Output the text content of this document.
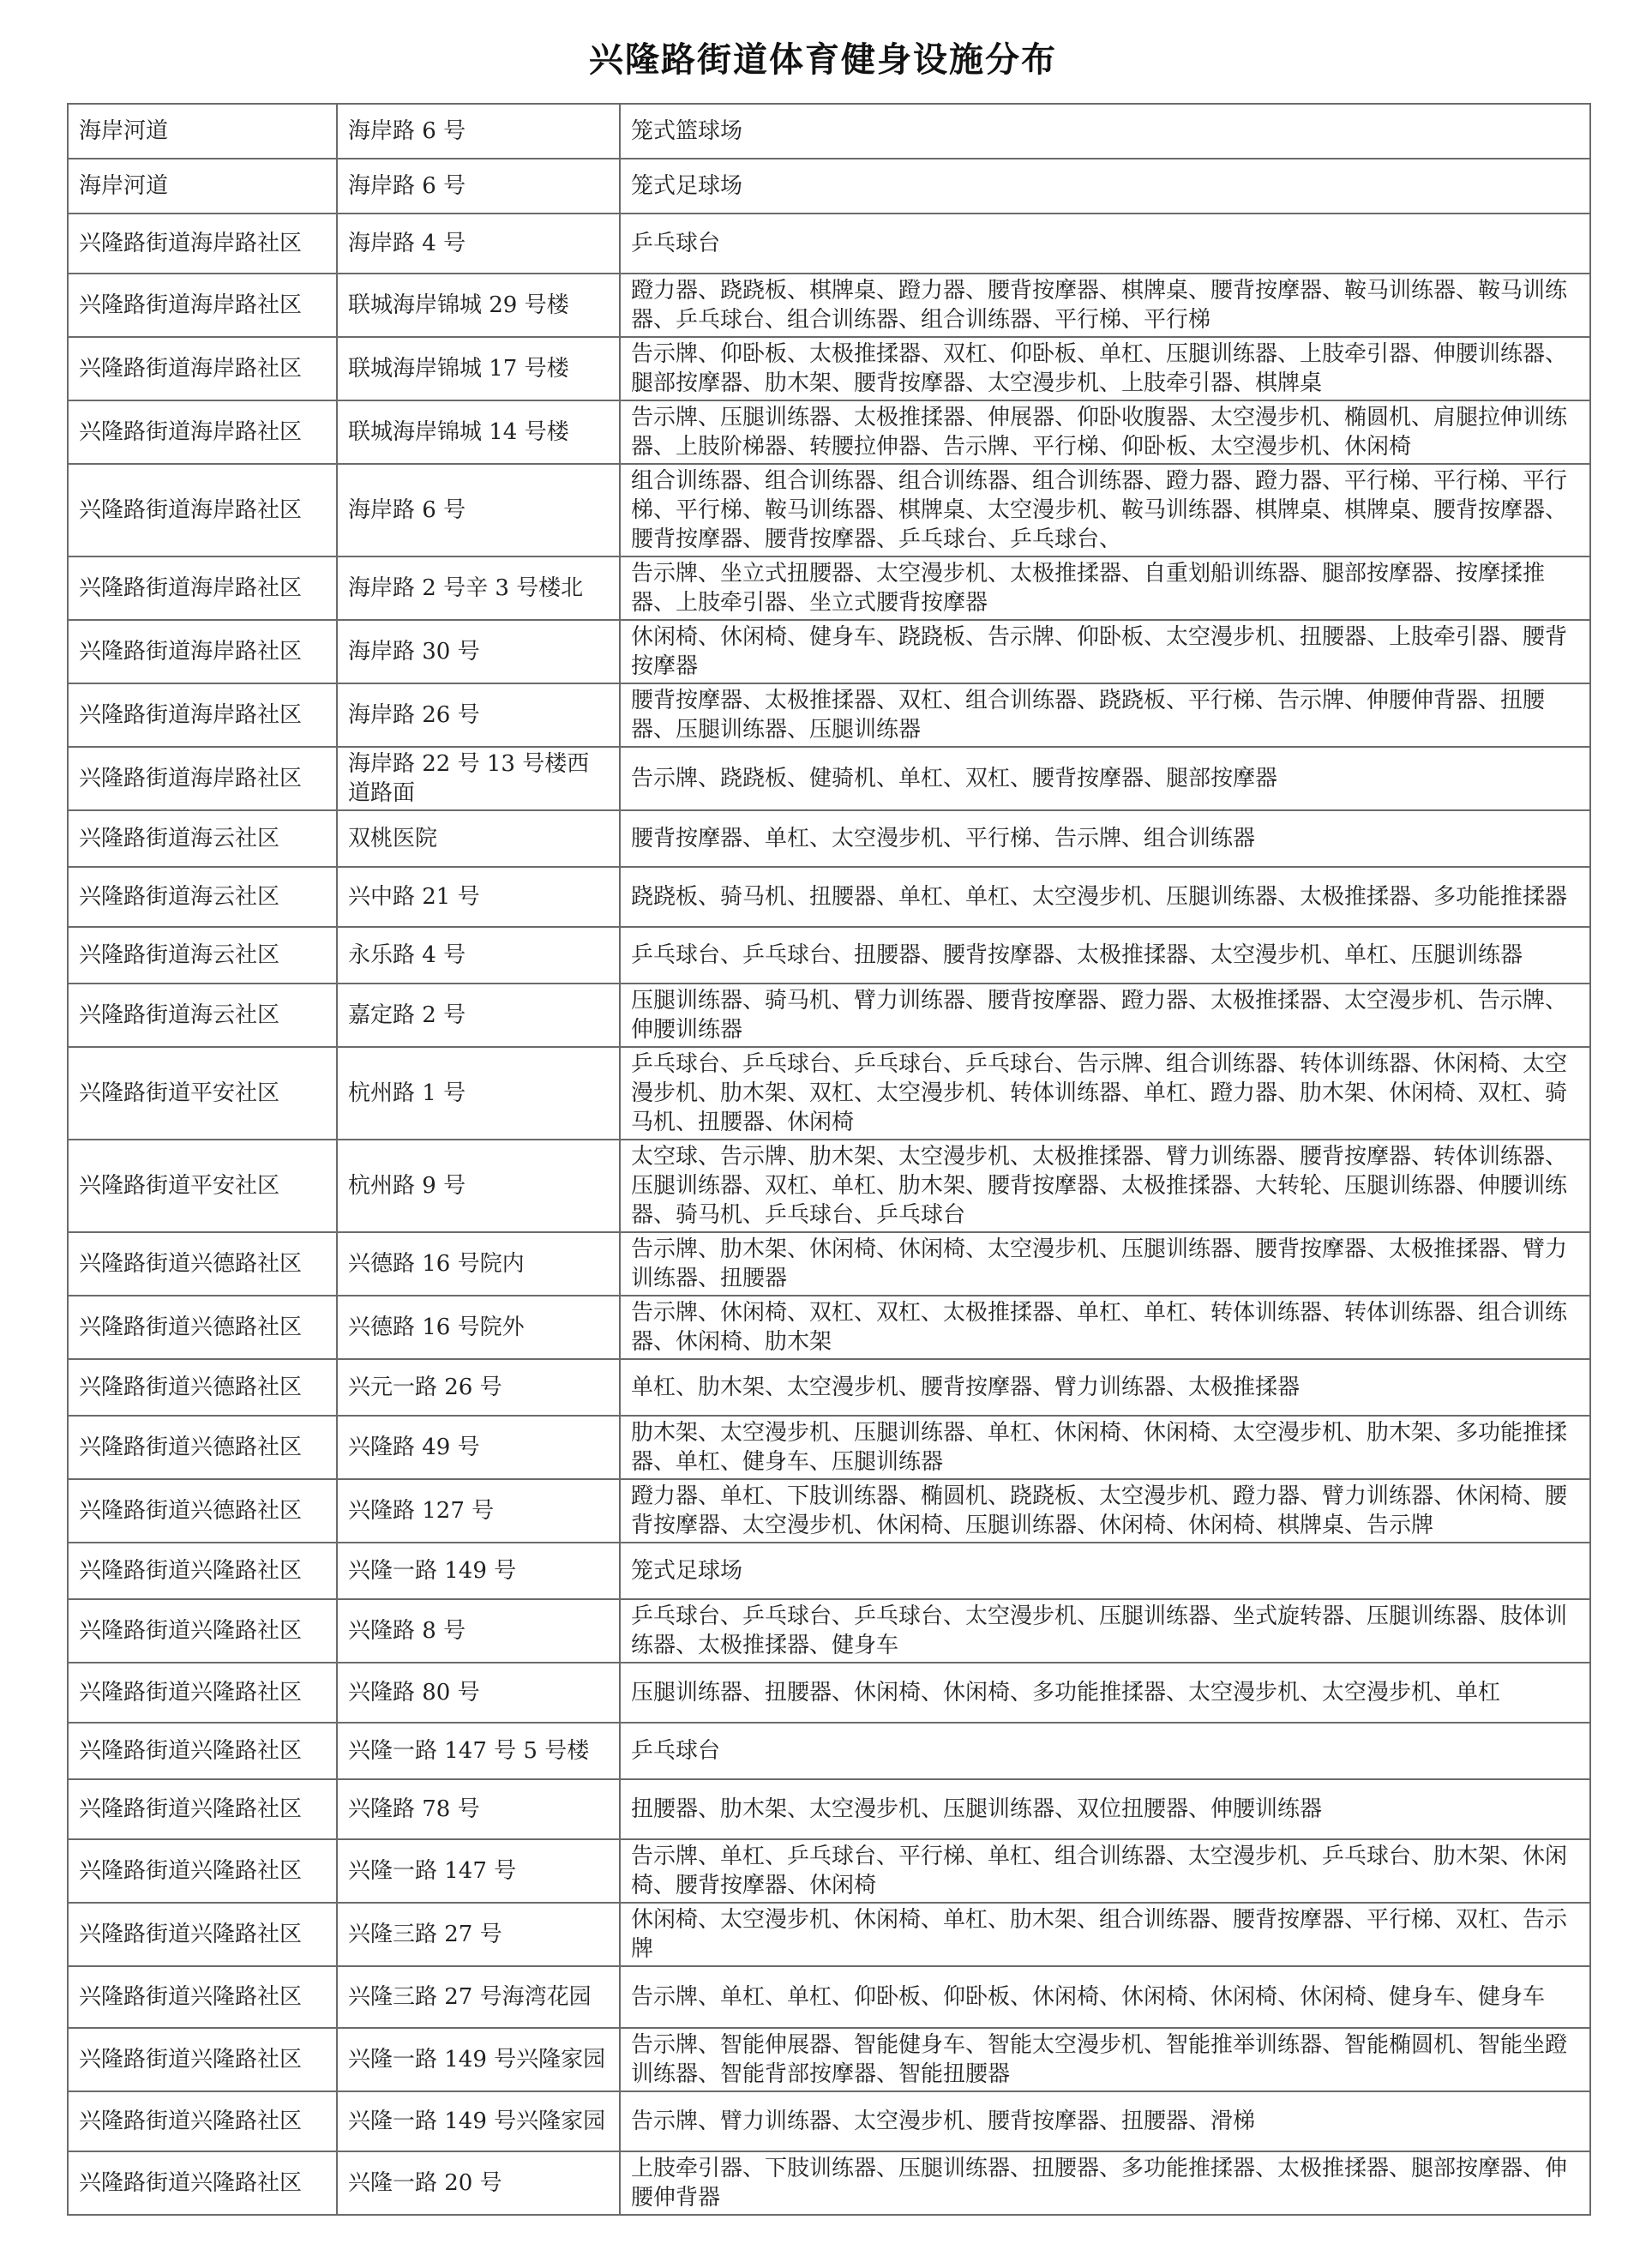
兴隆路街道体育健身设施分布
海岸河道	海岸路 6 号	笼式篮球场
海岸河道	海岸路 6 号	笼式足球场
兴隆路街道海岸路社区	海岸路 4 号	乒乓球台
兴隆路街道海岸路社区	联城海岸锦城 29 号楼	蹬力器、跷跷板、棋牌桌、蹬力器、腰背按摩器、棋牌桌、腰背按摩器、鞍马训练器、鞍马训练器、乒乓球台、组合训练器、组合训练器、平行梯、平行梯
兴隆路街道海岸路社区	联城海岸锦城 17 号楼	告示牌、仰卧板、太极推揉器、双杠、仰卧板、单杠、压腿训练器、上肢牵引器、伸腰训练器、腿部按摩器、肋木架、腰背按摩器、太空漫步机、上肢牵引器、棋牌桌
兴隆路街道海岸路社区	联城海岸锦城 14 号楼	告示牌、压腿训练器、太极推揉器、伸展器、仰卧收腹器、太空漫步机、椭圆机、肩腿拉伸训练器、上肢阶梯器、转腰拉伸器、告示牌、平行梯、仰卧板、太空漫步机、休闲椅
兴隆路街道海岸路社区	海岸路 6 号	组合训练器、组合训练器、组合训练器、组合训练器、蹬力器、蹬力器、平行梯、平行梯、平行梯、平行梯、鞍马训练器、棋牌桌、太空漫步机、鞍马训练器、棋牌桌、棋牌桌、腰背按摩器、腰背按摩器、腰背按摩器、乒乓球台、乒乓球台、
兴隆路街道海岸路社区	海岸路 2 号辛 3 号楼北	告示牌、坐立式扭腰器、太空漫步机、太极推揉器、自重划船训练器、腿部按摩器、按摩揉推器、上肢牵引器、坐立式腰背按摩器
兴隆路街道海岸路社区	海岸路 30 号	休闲椅、休闲椅、健身车、跷跷板、告示牌、仰卧板、太空漫步机、扭腰器、上肢牵引器、腰背按摩器
兴隆路街道海岸路社区	海岸路 26 号	腰背按摩器、太极推揉器、双杠、组合训练器、跷跷板、平行梯、告示牌、伸腰伸背器、扭腰器、压腿训练器、压腿训练器
兴隆路街道海岸路社区	海岸路 22 号 13 号楼西道路面	告示牌、跷跷板、健骑机、单杠、双杠、腰背按摩器、腿部按摩器
兴隆路街道海云社区	双桃医院	腰背按摩器、单杠、太空漫步机、平行梯、告示牌、组合训练器
兴隆路街道海云社区	兴中路 21 号	跷跷板、骑马机、扭腰器、单杠、单杠、太空漫步机、压腿训练器、太极推揉器、多功能推揉器
兴隆路街道海云社区	永乐路 4 号	乒乓球台、乒乓球台、扭腰器、腰背按摩器、太极推揉器、太空漫步机、单杠、压腿训练器
兴隆路街道海云社区	嘉定路 2 号	压腿训练器、骑马机、臂力训练器、腰背按摩器、蹬力器、太极推揉器、太空漫步机、告示牌、伸腰训练器
兴隆路街道平安社区	杭州路 1 号	乒乓球台、乒乓球台、乒乓球台、乒乓球台、告示牌、组合训练器、转体训练器、休闲椅、太空漫步机、肋木架、双杠、太空漫步机、转体训练器、单杠、蹬力器、肋木架、休闲椅、双杠、骑马机、扭腰器、休闲椅
兴隆路街道平安社区	杭州路 9 号	太空球、告示牌、肋木架、太空漫步机、太极推揉器、臂力训练器、腰背按摩器、转体训练器、压腿训练器、双杠、单杠、肋木架、腰背按摩器、太极推揉器、大转轮、压腿训练器、伸腰训练器、骑马机、乒乓球台、乒乓球台
兴隆路街道兴德路社区	兴德路 16 号院内	告示牌、肋木架、休闲椅、休闲椅、太空漫步机、压腿训练器、腰背按摩器、太极推揉器、臂力训练器、扭腰器
兴隆路街道兴德路社区	兴德路 16 号院外	告示牌、休闲椅、双杠、双杠、太极推揉器、单杠、单杠、转体训练器、转体训练器、组合训练器、休闲椅、肋木架
兴隆路街道兴德路社区	兴元一路 26 号	单杠、肋木架、太空漫步机、腰背按摩器、臂力训练器、太极推揉器
兴隆路街道兴德路社区	兴隆路 49 号	肋木架、太空漫步机、压腿训练器、单杠、休闲椅、休闲椅、太空漫步机、肋木架、多功能推揉器、单杠、健身车、压腿训练器
兴隆路街道兴德路社区	兴隆路 127 号	蹬力器、单杠、下肢训练器、椭圆机、跷跷板、太空漫步机、蹬力器、臂力训练器、休闲椅、腰背按摩器、太空漫步机、休闲椅、压腿训练器、休闲椅、休闲椅、棋牌桌、告示牌
兴隆路街道兴隆路社区	兴隆一路 149 号	笼式足球场
兴隆路街道兴隆路社区	兴隆路 8 号	乒乓球台、乒乓球台、乒乓球台、太空漫步机、压腿训练器、坐式旋转器、压腿训练器、肢体训练器、太极推揉器、健身车
兴隆路街道兴隆路社区	兴隆路 80 号	压腿训练器、扭腰器、休闲椅、休闲椅、多功能推揉器、太空漫步机、太空漫步机、单杠
兴隆路街道兴隆路社区	兴隆一路 147 号 5 号楼	乒乓球台
兴隆路街道兴隆路社区	兴隆路 78 号	扭腰器、肋木架、太空漫步机、压腿训练器、双位扭腰器、伸腰训练器
兴隆路街道兴隆路社区	兴隆一路 147 号	告示牌、单杠、乒乓球台、平行梯、单杠、组合训练器、太空漫步机、乒乓球台、肋木架、休闲椅、腰背按摩器、休闲椅
兴隆路街道兴隆路社区	兴隆三路 27 号	休闲椅、太空漫步机、休闲椅、单杠、肋木架、组合训练器、腰背按摩器、平行梯、双杠、告示牌
兴隆路街道兴隆路社区	兴隆三路 27 号海湾花园	告示牌、单杠、单杠、仰卧板、仰卧板、休闲椅、休闲椅、休闲椅、休闲椅、健身车、健身车
兴隆路街道兴隆路社区	兴隆一路 149 号兴隆家园	告示牌、智能伸展器、智能健身车、智能太空漫步机、智能推举训练器、智能椭圆机、智能坐蹬训练器、智能背部按摩器、智能扭腰器
兴隆路街道兴隆路社区	兴隆一路 149 号兴隆家园	告示牌、臂力训练器、太空漫步机、腰背按摩器、扭腰器、滑梯
兴隆路街道兴隆路社区	兴隆一路 20 号	上肢牵引器、下肢训练器、压腿训练器、扭腰器、多功能推揉器、太极推揉器、腿部按摩器、伸腰伸背器
